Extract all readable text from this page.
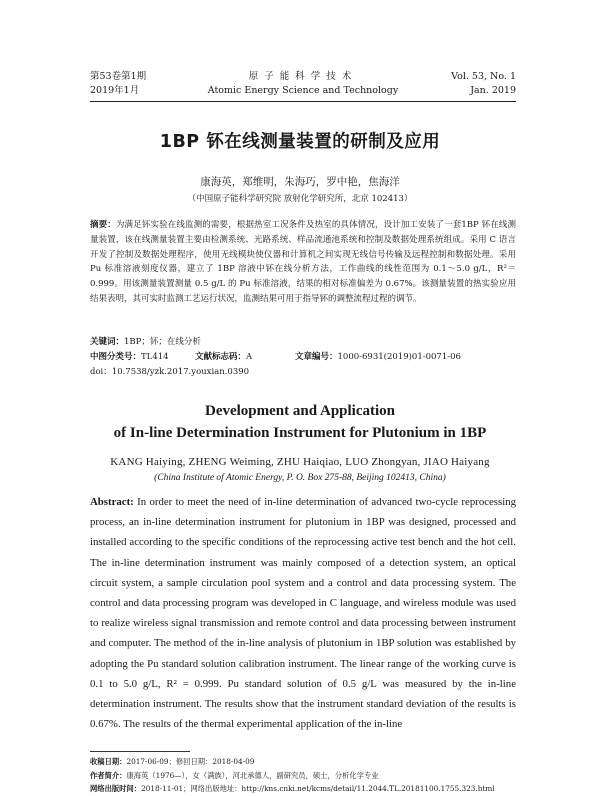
第53卷第1期
2019年1月
原子能科学技术
Atomic Energy Science and Technology
Vol. 53, No. 1
Jan. 2019
1BP 钚在线测量装置的研制及应用
康海英，郑维明，朱海巧，罗中艳，焦海洋
（中国原子能科学研究院 放射化学研究所，北京 102413）
摘要：为满足钚实验在线监测的需要，根据热室工况条件及热室的具体情况，设计加工安装了一套1BP 钚在线测量装置，该在线测量装置主要由检测系统、光路系统、样品流通池系统和控制及数据处理系统组成。采用 C 语言开发了控制及数据处理程序，使用无线模块使仪器和计算机之间实现无线信号传输及远程控制和数据处理。采用 Pu 标准溶液刻度仪器，建立了 1BP 溶液中钚在线分析方法，工作曲线的线性范围为 0.1～5.0 g/L，R²＝0.999。用该测量装置测量 0.5 g/L 的 Pu 标准溶液，结果的相对标准偏差为 0.67%。该测量装置的热实验应用结果表明，其可实时监测工艺运行状况，监测结果可用于指导钚的调整流程过程的调节。
关键词：1BP；钚；在线分析
中图分类号：TL414	文献标志码：A	文章编号：1000-6931(2019)01-0071-06
doi：10.7538/yzk.2017.youxian.0390
Development and Application
of In-line Determination Instrument for Plutonium in 1BP
KANG Haiying, ZHENG Weiming, ZHU Haiqiao, LUO Zhongyan, JIAO Haiyang
(China Institute of Atomic Energy, P. O. Box 275-88, Beijing 102413, China)
Abstract: In order to meet the need of in-line determination of advanced two-cycle reprocessing process, an in-line determination instrument for plutonium in 1BP was designed, processed and installed according to the specific conditions of the reprocessing active test bench and the hot cell. The in-line determination instrument was mainly composed of a detection system, an optical circuit system, a sample circulation pool system and a control and data processing system. The control and data processing program was developed in C language, and wireless module was used to realize wireless signal transmission and remote control and data processing between instrument and computer. The method of the in-line analysis of plutonium in 1BP solution was established by adopting the Pu standard solution calibration instrument. The linear range of the working curve is 0.1 to 5.0 g/L, R² = 0.999. Pu standard solution of 0.5 g/L was measured by the in-line determination instrument. The results show that the instrument standard deviation of the results is 0.67%. The results of the thermal experimental application of the in-line
收稿日期：2017-06-09；修回日期：2018-04-09
作者简介：康海英（1976—），女（满族），河北承德人，副研究员，硕士，分析化学专业
网络出版时间：2018-11-01；网络出版地址：http://kns.cnki.net/kcms/detail/11.2044.TL.20181100.1755.323.html
